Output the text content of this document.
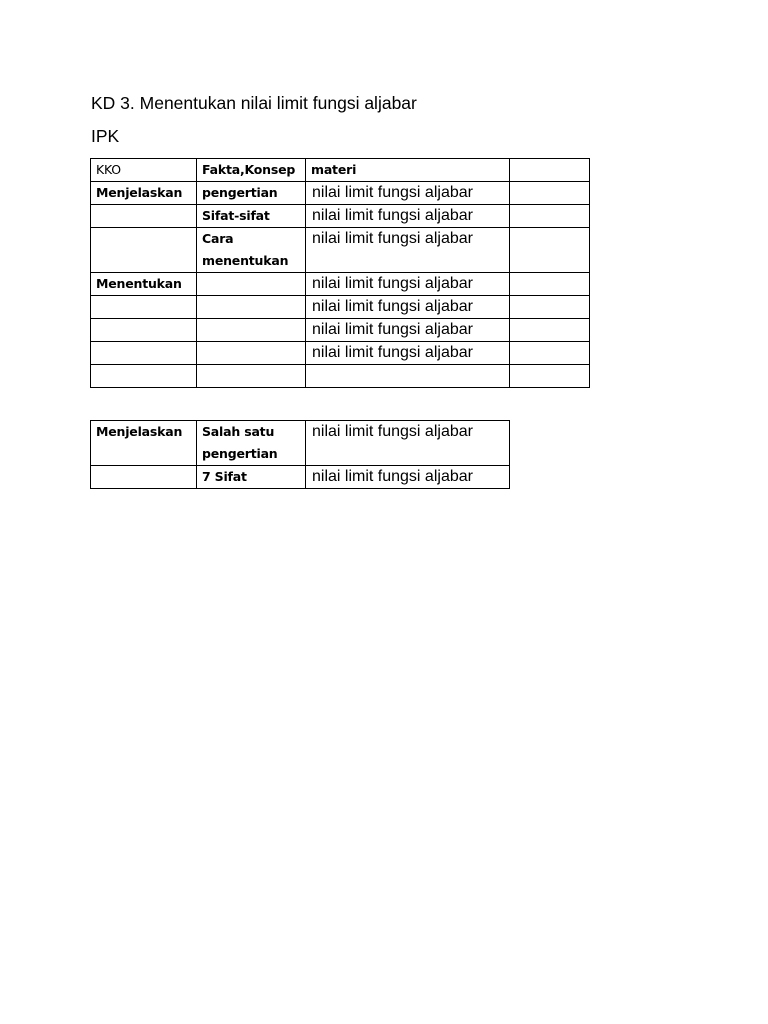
KD 3. Menentukan nilai limit fungsi aljabar
IPK
KKO	Fakta,Konsep	materi	
Menjelaskan	pengertian	nilai limit fungsi aljabar	
	Sifat-sifat	nilai limit fungsi aljabar	
	Cara menentukan	nilai limit fungsi aljabar	
Menentukan		nilai limit fungsi aljabar	
		nilai limit fungsi aljabar	
		nilai limit fungsi aljabar	
		nilai limit fungsi aljabar	

Menjelaskan	Salah satu pengertian	nilai limit fungsi aljabar
	7 Sifat	nilai limit fungsi aljabar
